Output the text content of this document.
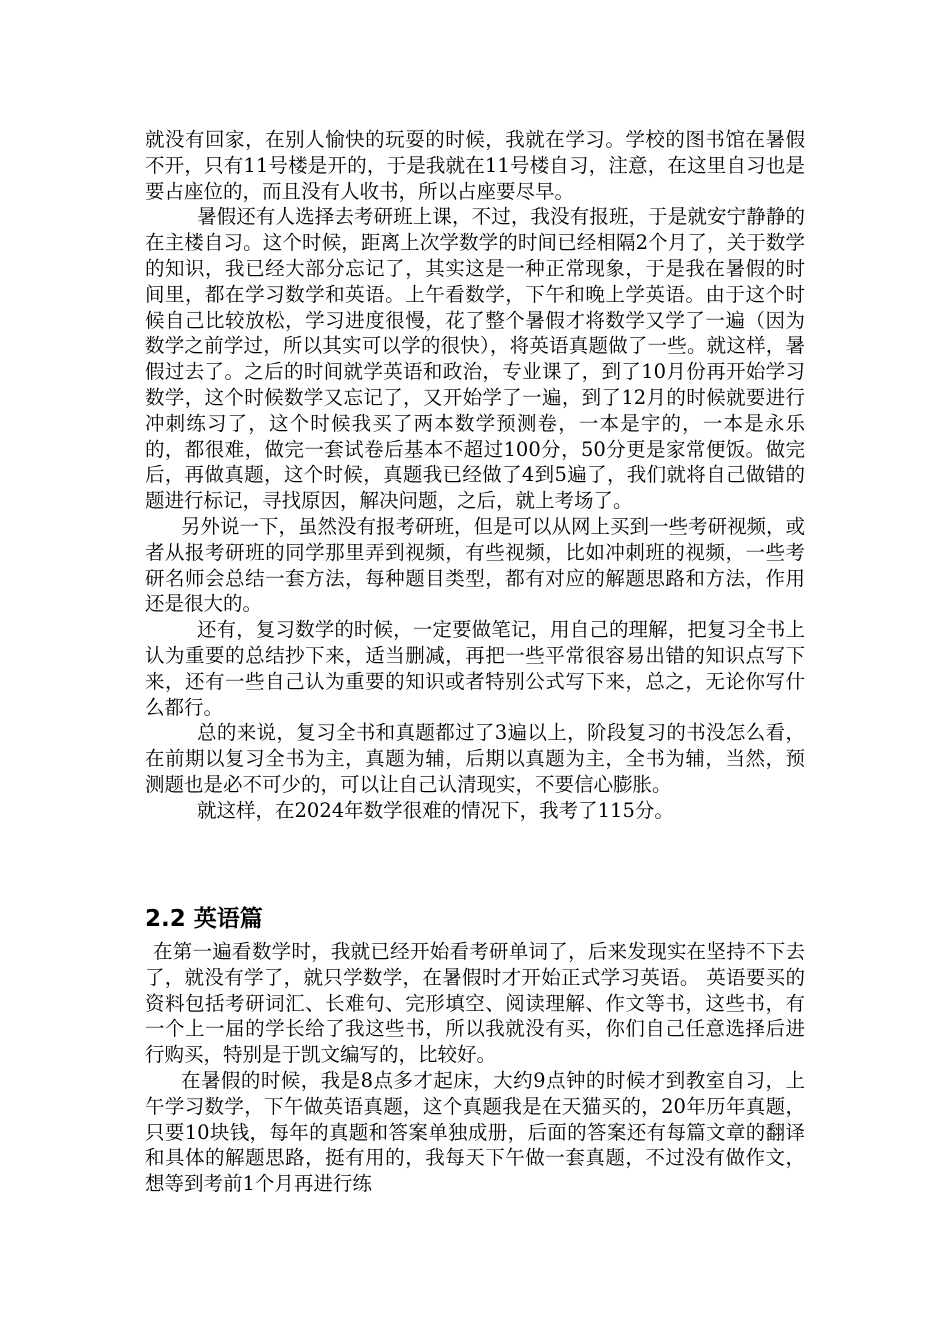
就没有回家，在别人愉快的玩耍的时候，我就在学习。学校的图书馆在暑假不开，只有11号楼是开的，于是我就在11号楼自习，注意，在这里自习也是要占座位的，而且没有人收书，所以占座要尽早。

暑假还有人选择去考研班上课，不过，我没有报班，于是就安宁静静的在主楼自习。这个时候，距离上次学数学的时间已经相隔2个月了，关于数学的知识，我已经大部分忘记了，其实这是一种正常现象，于是我在暑假的时间里，都在学习数学和英语。上午看数学，下午和晚上学英语。由于这个时候自己比较放松，学习进度很慢，花了整个暑假才将数学又学了一遍（因为数学之前学过，所以其实可以学的很快），将英语真题做了一些。就这样，暑假过去了。之后的时间就学英语和政治，专业课了，到了10月份再开始学习数学，这个时候数学又忘记了，又开始学了一遍，到了12月的时候就要进行冲刺练习了，这个时候我买了两本数学预测卷，一本是宇的，一本是永乐的，都很难，做完一套试卷后基本不超过100分，50分更是家常便饭。做完后，再做真题，这个时候，真题我已经做了4到5遍了，我们就将自己做错的题进行标记，寻找原因，解决问题，之后，就上考场了。

另外说一下，虽然没有报考研班，但是可以从网上买到一些考研视频，或者从报考研班的同学那里弄到视频，有些视频，比如冲刺班的视频，一些考研名师会总结一套方法，每种题目类型，都有对应的解题思路和方法，作用还是很大的。

还有，复习数学的时候，一定要做笔记，用自己的理解，把复习全书上认为重要的总结抄下来，适当删减，再把一些平常很容易出错的知识点写下来，还有一些自己认为重要的知识或者特别公式写下来，总之，无论你写什么都行。

总的来说，复习全书和真题都过了3遍以上，阶段复习的书没怎么看，在前期以复习全书为主，真题为辅，后期以真题为主，全书为辅，当然，预测题也是必不可少的，可以让自己认清现实，不要信心膨胀。

就这样，在2024年数学很难的情况下，我考了115分。

2.2 英语篇

在第一遍看数学时，我就已经开始看考研单词了，后来发现实在坚持不下去了，就没有学了，就只学数学，在暑假时才开始正式学习英语。 英语要买的资料包括考研词汇、长难句、完形填空、阅读理解、作文等书，这些书，有一个上一届的学长给了我这些书，所以我就没有买，你们自己任意选择后进行购买，特别是于凯文编写的，比较好。

在暑假的时候，我是8点多才起床，大约9点钟的时候才到教室自习，上午学习数学，下午做英语真题，这个真题我是在天猫买的，20年历年真题，只要10块钱，每年的真题和答案单独成册，后面的答案还有每篇文章的翻译和具体的解题思路，挺有用的，我每天下午做一套真题，不过没有做作文，想等到考前1个月再进行练
